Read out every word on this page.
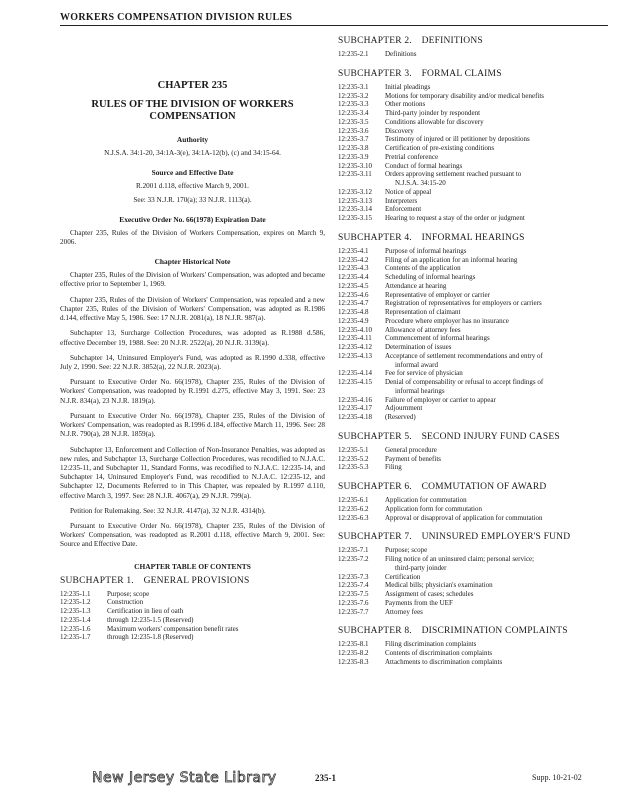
WORKERS COMPENSATION DIVISION RULES
CHAPTER 235
RULES OF THE DIVISION OF WORKERS COMPENSATION
Authority
N.J.S.A. 34:1-20, 34:1A-3(e), 34:1A-12(b), (c) and 34:15-64.
Source and Effective Date
R.2001 d.118, effective March 9, 2001.
See: 33 N.J.R. 170(a); 33 N.J.R. 1113(a).
Executive Order No. 66(1978) Expiration Date
Chapter 235, Rules of the Division of Workers Compensation, expires on March 9, 2006.
Chapter Historical Note
Chapter 235, Rules of the Division of Workers' Compensation, was adopted and became effective prior to September 1, 1969.
Chapter 235, Rules of the Division of Workers' Compensation, was repealed and a new Chapter 235, Rules of the Division of Workers' Compensation, was adopted as R.1986 d.144, effective May 5, 1986. See: 17 N.J.R. 2081(a), 18 N.J.R. 987(a).
Subchapter 13, Surcharge Collection Procedures, was adopted as R.1988 d.586, effective December 19, 1988. See: 20 N.J.R. 2522(a), 20 N.J.R. 3139(a).
Subchapter 14, Uninsured Employer's Fund, was adopted as R.1990 d.338, effective July 2, 1990. See: 22 N.J.R. 3852(a), 22 N.J.R. 2023(a).
Pursuant to Executive Order No. 66(1978), Chapter 235, Rules of the Division of Workers' Compensation, was readopted by R.1991 d.275, effective May 3, 1991. See: 23 N.J.R. 834(a), 23 N.J.R. 1819(a).
Pursuant to Executive Order No. 66(1978), Chapter 235, Rules of the Division of Workers' Compensation, was readopted as R.1996 d.184, effective March 11, 1996. See: 28 N.J.R. 790(a), 28 N.J.R. 1859(a).
Subchapter 13, Enforcement and Collection of Non-Insurance Penalties, was adopted as new rules, and Subchapter 13, Surcharge Collection Procedures, was recodified to N.J.A.C. 12:235-11, and Subchapter 11, Standard Forms, was recodified to N.J.A.C. 12:235-14, and Subchapter 14, Uninsured Employer's Fund, was recodified to N.J.A.C. 12:235-12, and Subchapter 12, Documents Referred to in This Chapter, was repealed by R.1997 d.110, effective March 3, 1997. See: 28 N.J.R. 4067(a), 29 N.J.R. 799(a).
Petition for Rulemaking. See: 32 N.J.R. 4147(a), 32 N.J.R. 4314(b).
Pursuant to Executive Order No. 66(1978), Chapter 235, Rules of the Division of Workers' Compensation, was readopted as R.2001 d.118, effective March 9, 2001. See: Source and Effective Date.
CHAPTER TABLE OF CONTENTS
SUBCHAPTER 1. GENERAL PROVISIONS
12:235-1.1	Purpose; scope
12:235-1.2	Construction
12:235-1.3	Certification in lieu of oath
12:235-1.4	through 12:235-1.5 (Reserved)
12:235-1.6	Maximum workers' compensation benefit rates
12:235-1.7	through 12:235-1.8 (Reserved)
SUBCHAPTER 2. DEFINITIONS
12:235-2.1	Definitions
SUBCHAPTER 3. FORMAL CLAIMS
12:235-3.1	Initial pleadings
12:235-3.2	Motions for temporary disability and/or medical benefits
12:235-3.3	Other motions
12:235-3.4	Third-party joinder by respondent
12:235-3.5	Conditions allowable for discovery
12:235-3.6	Discovery
12:235-3.7	Testimony of injured or ill petitioner by depositions
12:235-3.8	Certification of pre-existing conditions
12:235-3.9	Pretrial conference
12:235-3.10	Conduct of formal hearings
12:235-3.11	Orders approving settlement reached pursuant to
N.J.S.A. 34:15-20
12:235-3.12	Notice of appeal
12:235-3.13	Interpreters
12:235-3.14	Enforcement
12:235-3.15	Hearing to request a stay of the order or judgment
SUBCHAPTER 4. INFORMAL HEARINGS
12:235-4.1	Purpose of informal hearings
12:235-4.2	Filing of an application for an informal hearing
12:235-4.3	Contents of the application
12:235-4.4	Scheduling of informal hearings
12:235-4.5	Attendance at hearing
12:235-4.6	Representative of employer or carrier
12:235-4.7	Registration of representatives for employers or carriers
12:235-4.8	Representation of claimant
12:235-4.9	Procedure where employer has no insurance
12:235-4.10	Allowance of attorney fees
12:235-4.11	Commencement of informal hearings
12:235-4.12	Determination of issues
12:235-4.13	Acceptance of settlement recommendations and entry of
informal award
12:235-4.14	Fee for service of physician
12:235-4.15	Denial of compensability or refusal to accept findings of
informal hearings
12:235-4.16	Failure of employer or carrier to appear
12:235-4.17	Adjournment
12:235-4.18	(Reserved)
SUBCHAPTER 5. SECOND INJURY FUND CASES
12:235-5.1	General procedure
12:235-5.2	Payment of benefits
12:235-5.3	Filing
SUBCHAPTER 6. COMMUTATION OF AWARD
12:235-6.1	Application for commutation
12:235-6.2	Application form for commutation
12:235-6.3	Approval or disapproval of application for commutation
SUBCHAPTER 7. UNINSURED EMPLOYER'S FUND
12:235-7.1	Purpose; scope
12:235-7.2	Filing notice of an uninsured claim; personal service;
third-party joinder
12:235-7.3	Certification
12:235-7.4	Medical bills; physician's examination
12:235-7.5	Assignment of cases; schedules
12:235-7.6	Payments from the UEF
12:235-7.7	Attorney fees
SUBCHAPTER 8. DISCRIMINATION COMPLAINTS
12:235-8.1	Filing discrimination complaints
12:235-8.2	Contents of discrimination complaints
12:235-8.3	Attachments to discrimination complaints
New Jersey State Library	235-1	Supp. 10-21-02
